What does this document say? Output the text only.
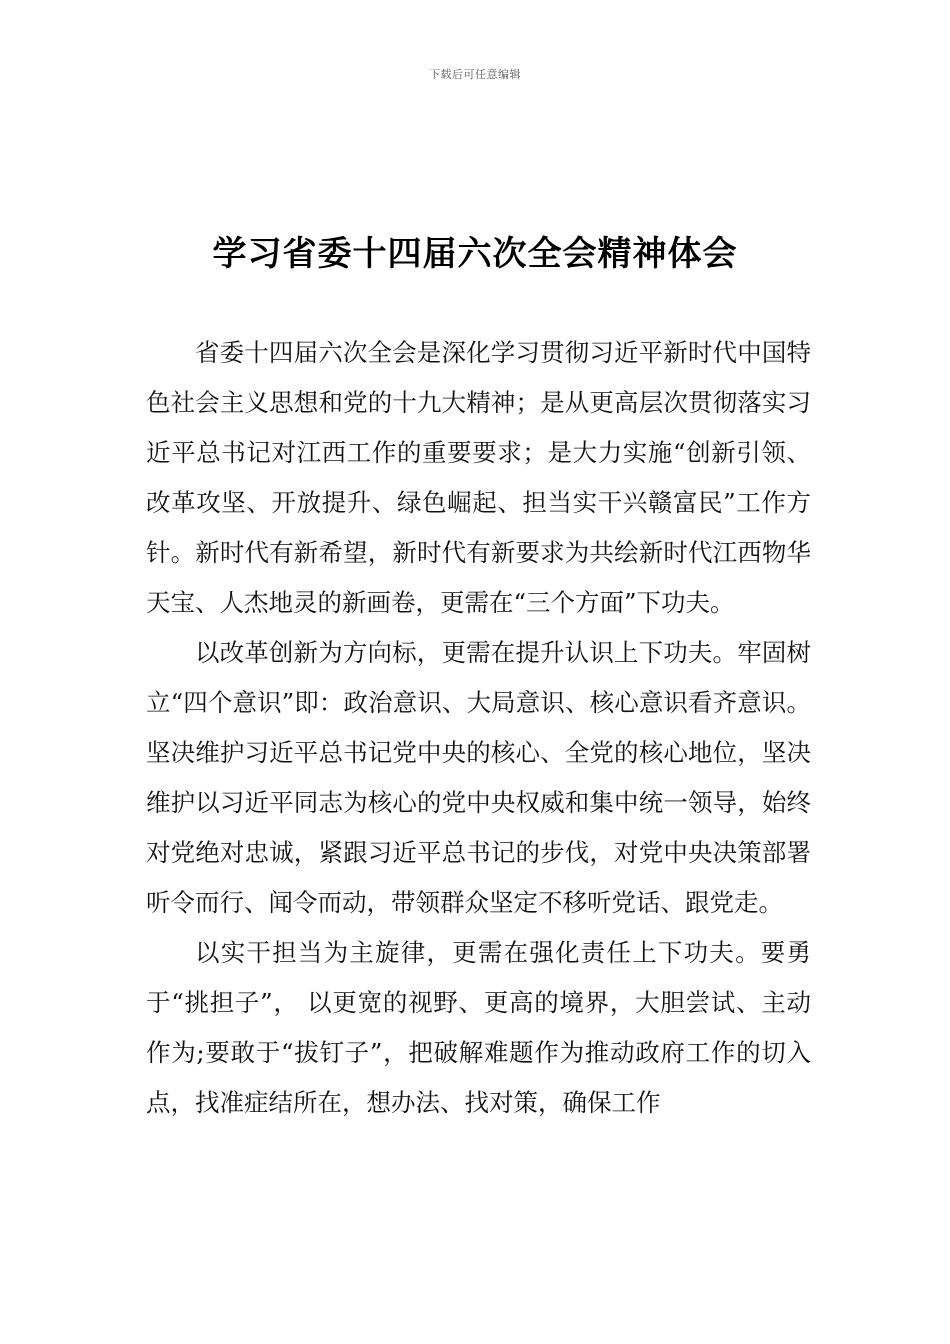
下载后可任意编辑
学习省委十四届六次全会精神体会

省委十四届六次全会是深化学习贯彻习近平新时代中国特色社会主义思想和党的十九大精神；是从更高层次贯彻落实习近平总书记对江西工作的重要要求；是大力实施“创新引领、改革攻坚、开放提升、绿色崛起、担当实干兴赣富民”工作方针。新时代有新希望，新时代有新要求为共绘新时代江西物华天宝、人杰地灵的新画卷，更需在“三个方面”下功夫。

以改革创新为方向标，更需在提升认识上下功夫。牢固树立“四个意识”即：政治意识、大局意识、核心意识看齐意识。坚决维护习近平总书记党中央的核心、全党的核心地位，坚决维护以习近平同志为核心的党中央权威和集中统一领导，始终对党绝对忠诚，紧跟习近平总书记的步伐，对党中央决策部署听令而行、闻令而动，带领群众坚定不移听党话、跟党走。

以实干担当为主旋律，更需在强化责任上下功夫。要勇于“挑担子”， 以更宽的视野、更高的境界，大胆尝试、主动作为;要敢于“拔钉子”，把破解难题作为推动政府工作的切入点，找准症结所在，想办法、找对策，确保工作
